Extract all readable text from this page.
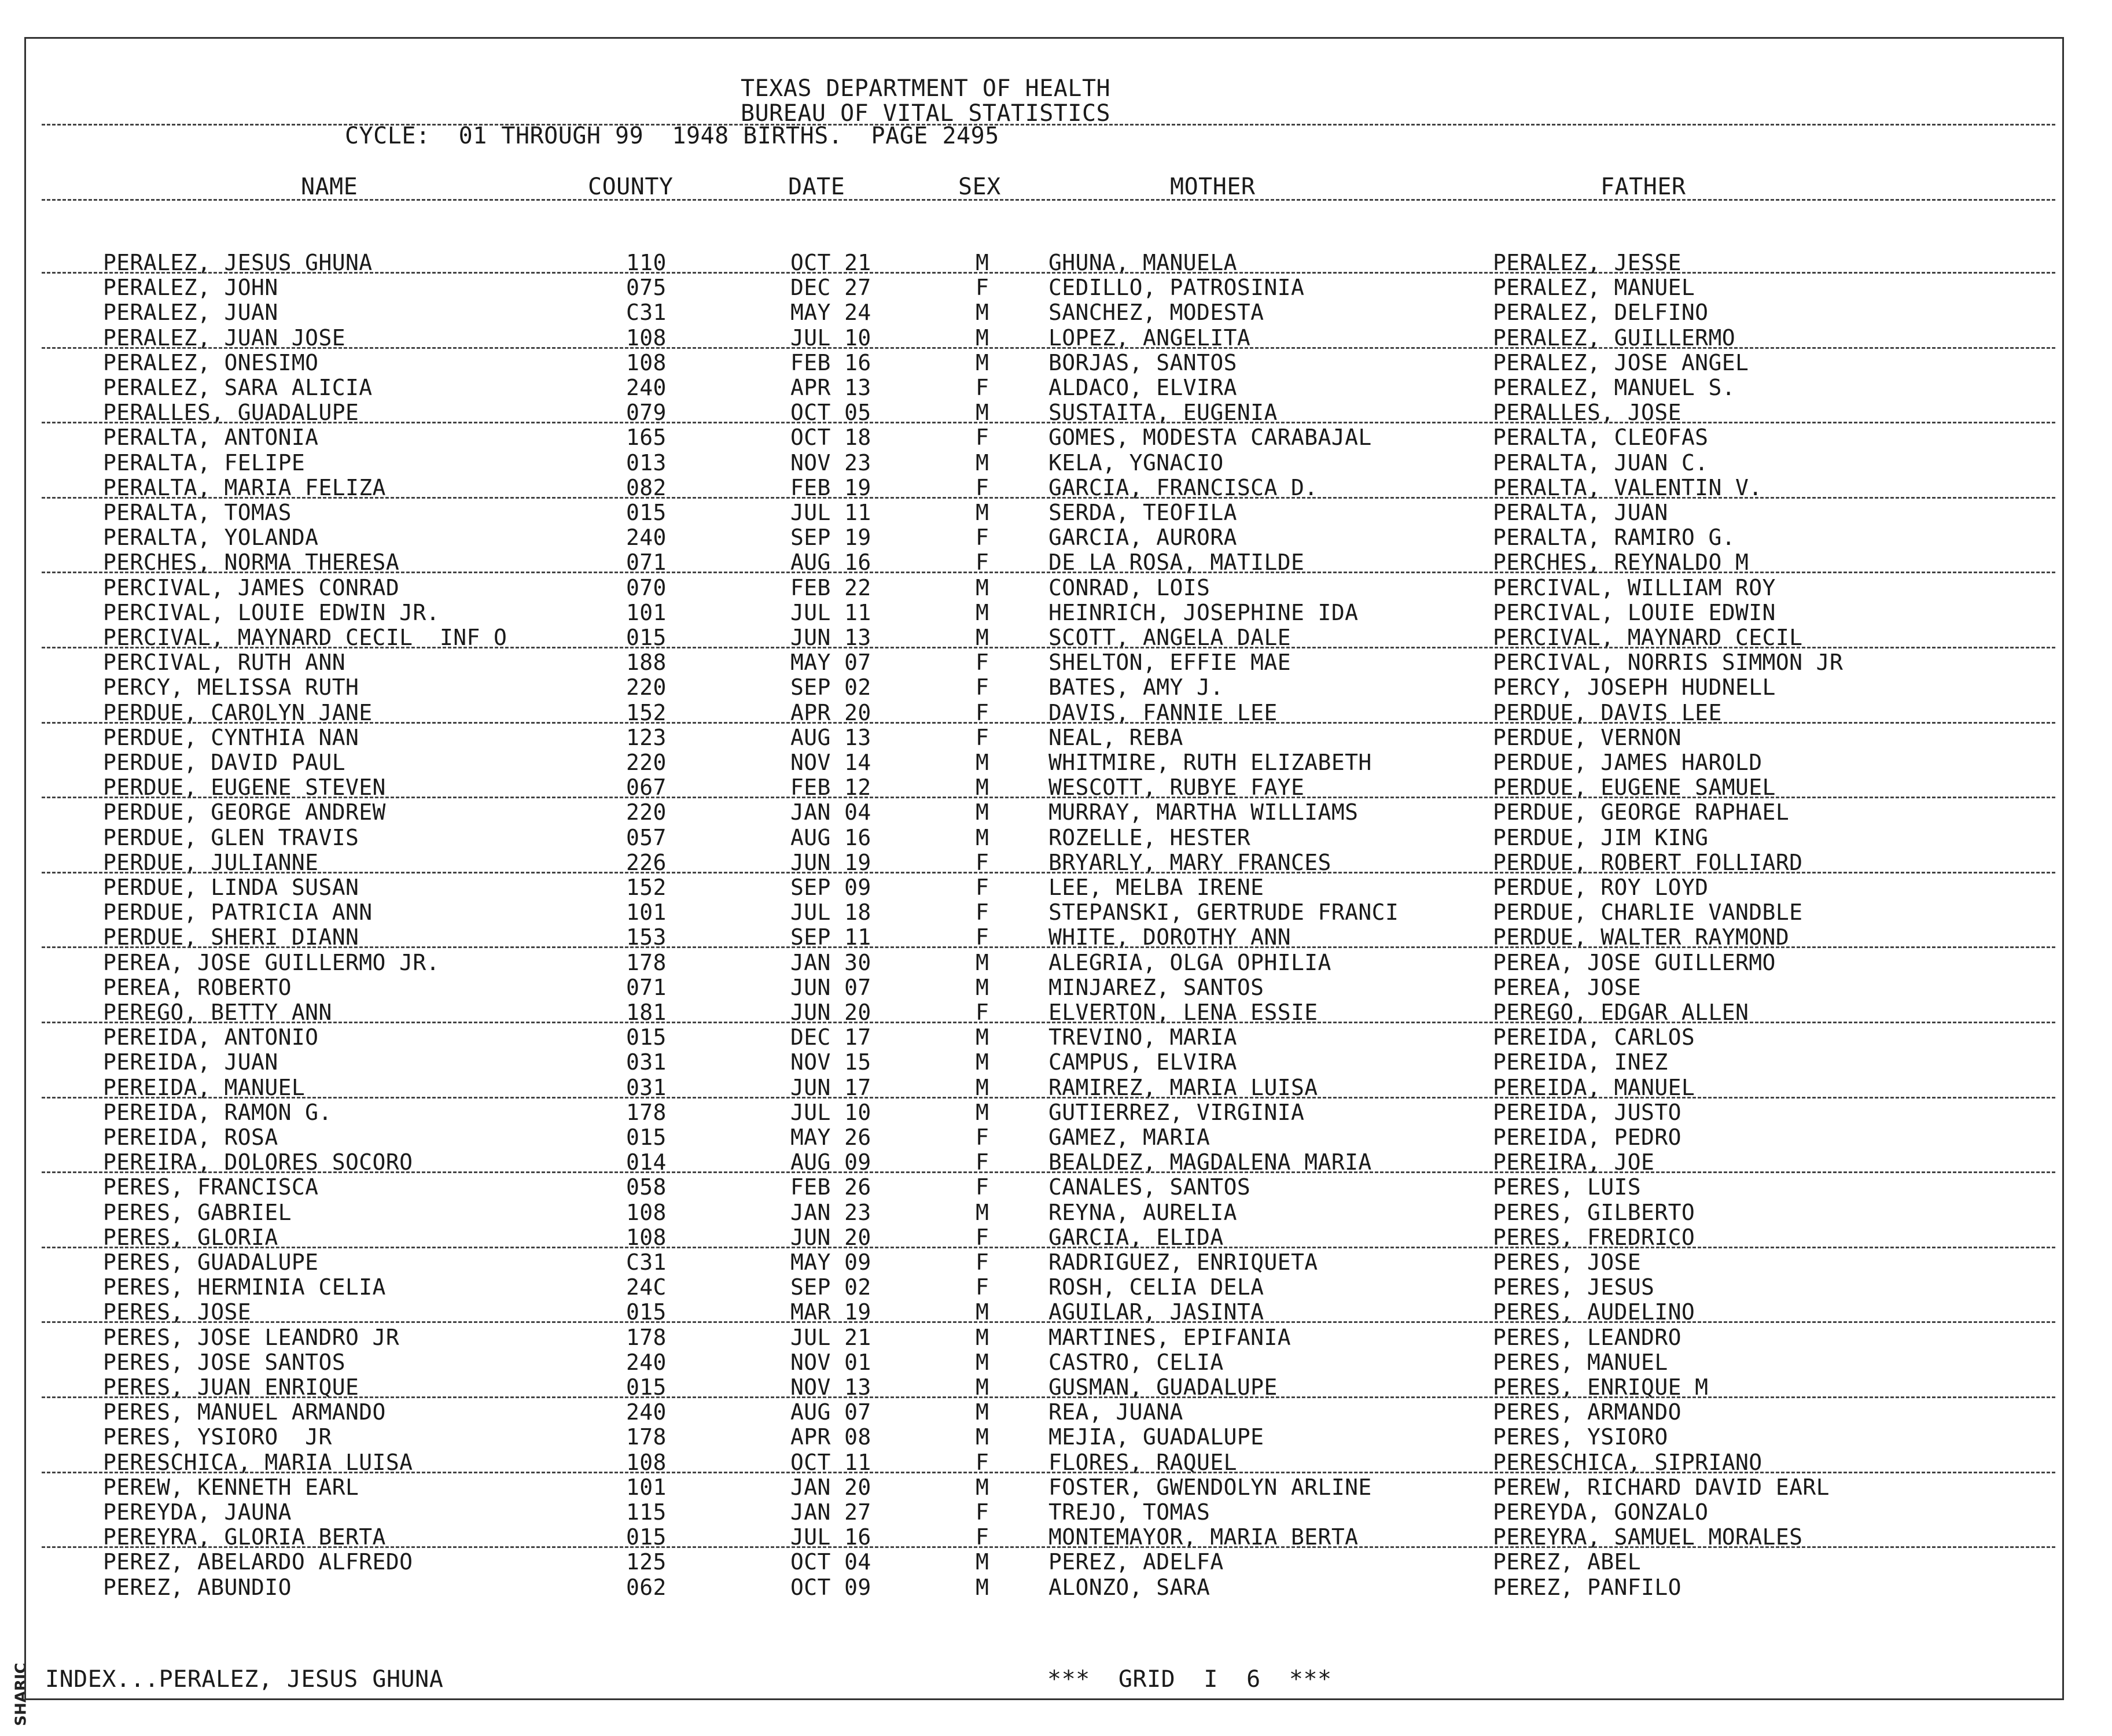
SHARIC
TEXAS DEPARTMENT OF HEALTH
BUREAU OF VITAL STATISTICS
CYCLE:  01 THROUGH 99  1948 BIRTHS.  PAGE 2495
NAME	COUNTY	DATE	SEX	MOTHER	FATHER
PERALEZ, JESUS GHUNA	110	OCT 21	M	GHUNA, MANUELA	PERALEZ, JESSE
PERALEZ, JOHN	075	DEC 27	F	CEDILLO, PATROSINIA	PERALEZ, MANUEL
PERALEZ, JUAN	C31	MAY 24	M	SANCHEZ, MODESTA	PERALEZ, DELFINO
PERALEZ, JUAN JOSE	108	JUL 10	M	LOPEZ, ANGELITA	PERALEZ, GUILLERMO
PERALEZ, ONESIMO	108	FEB 16	M	BORJAS, SANTOS	PERALEZ, JOSE ANGEL
PERALEZ, SARA ALICIA	240	APR 13	F	ALDACO, ELVIRA	PERALEZ, MANUEL S.
PERALLES, GUADALUPE	079	OCT 05	M	SUSTAITA, EUGENIA	PERALLES, JOSE
PERALTA, ANTONIA	165	OCT 18	F	GOMES, MODESTA CARABAJAL	PERALTA, CLEOFAS
PERALTA, FELIPE	013	NOV 23	M	KELA, YGNACIO	PERALTA, JUAN C.
PERALTA, MARIA FELIZA	082	FEB 19	F	GARCIA, FRANCISCA D.	PERALTA, VALENTIN V.
PERALTA, TOMAS	015	JUL 11	M	SERDA, TEOFILA	PERALTA, JUAN
PERALTA, YOLANDA	240	SEP 19	F	GARCIA, AURORA	PERALTA, RAMIRO G.
PERCHES, NORMA THERESA	071	AUG 16	F	DE LA ROSA, MATILDE	PERCHES, REYNALDO M
PERCIVAL, JAMES CONRAD	070	FEB 22	M	CONRAD, LOIS	PERCIVAL, WILLIAM ROY
PERCIVAL, LOUIE EDWIN JR.	101	JUL 11	M	HEINRICH, JOSEPHINE IDA	PERCIVAL, LOUIE EDWIN
PERCIVAL, MAYNARD CECIL  INF O	015	JUN 13	M	SCOTT, ANGELA DALE	PERCIVAL, MAYNARD CECIL
PERCIVAL, RUTH ANN	188	MAY 07	F	SHELTON, EFFIE MAE	PERCIVAL, NORRIS SIMMON JR
PERCY, MELISSA RUTH	220	SEP 02	F	BATES, AMY J.	PERCY, JOSEPH HUDNELL
PERDUE, CAROLYN JANE	152	APR 20	F	DAVIS, FANNIE LEE	PERDUE, DAVIS LEE
PERDUE, CYNTHIA NAN	123	AUG 13	F	NEAL, REBA	PERDUE, VERNON
PERDUE, DAVID PAUL	220	NOV 14	M	WHITMIRE, RUTH ELIZABETH	PERDUE, JAMES HAROLD
PERDUE, EUGENE STEVEN	067	FEB 12	M	WESCOTT, RUBYE FAYE	PERDUE, EUGENE SAMUEL
PERDUE, GEORGE ANDREW	220	JAN 04	M	MURRAY, MARTHA WILLIAMS	PERDUE, GEORGE RAPHAEL
PERDUE, GLEN TRAVIS	057	AUG 16	M	ROZELLE, HESTER	PERDUE, JIM KING
PERDUE, JULIANNE	226	JUN 19	F	BRYARLY, MARY FRANCES	PERDUE, ROBERT FOLLIARD
PERDUE, LINDA SUSAN	152	SEP 09	F	LEE, MELBA IRENE	PERDUE, ROY LOYD
PERDUE, PATRICIA ANN	101	JUL 18	F	STEPANSKI, GERTRUDE FRANCI	PERDUE, CHARLIE VANDBLE
PERDUE, SHERI DIANN	153	SEP 11	F	WHITE, DOROTHY ANN	PERDUE, WALTER RAYMOND
PEREA, JOSE GUILLERMO JR.	178	JAN 30	M	ALEGRIA, OLGA OPHILIA	PEREA, JOSE GUILLERMO
PEREA, ROBERTO	071	JUN 07	M	MINJAREZ, SANTOS	PEREA, JOSE
PEREGO, BETTY ANN	181	JUN 20	F	ELVERTON, LENA ESSIE	PEREGO, EDGAR ALLEN
PEREIDA, ANTONIO	015	DEC 17	M	TREVINO, MARIA	PEREIDA, CARLOS
PEREIDA, JUAN	031	NOV 15	M	CAMPUS, ELVIRA	PEREIDA, INEZ
PEREIDA, MANUEL	031	JUN 17	M	RAMIREZ, MARIA LUISA	PEREIDA, MANUEL
PEREIDA, RAMON G.	178	JUL 10	M	GUTIERREZ, VIRGINIA	PEREIDA, JUSTO
PEREIDA, ROSA	015	MAY 26	F	GAMEZ, MARIA	PEREIDA, PEDRO
PEREIRA, DOLORES SOCORO	014	AUG 09	F	BEALDEZ, MAGDALENA MARIA	PEREIRA, JOE
PERES, FRANCISCA	058	FEB 26	F	CANALES, SANTOS	PERES, LUIS
PERES, GABRIEL	108	JAN 23	M	REYNA, AURELIA	PERES, GILBERTO
PERES, GLORIA	108	JUN 20	F	GARCIA, ELIDA	PERES, FREDRICO
PERES, GUADALUPE	C31	MAY 09	F	RADRIGUEZ, ENRIQUETA	PERES, JOSE
PERES, HERMINIA CELIA	24C	SEP 02	F	ROSH, CELIA DELA	PERES, JESUS
PERES, JOSE	015	MAR 19	M	AGUILAR, JASINTA	PERES, AUDELINO
PERES, JOSE LEANDRO JR	178	JUL 21	M	MARTINES, EPIFANIA	PERES, LEANDRO
PERES, JOSE SANTOS	240	NOV 01	M	CASTRO, CELIA	PERES, MANUEL
PERES, JUAN ENRIQUE	015	NOV 13	M	GUSMAN, GUADALUPE	PERES, ENRIQUE M
PERES, MANUEL ARMANDO	240	AUG 07	M	REA, JUANA	PERES, ARMANDO
PERES, YSIORO  JR	178	APR 08	M	MEJIA, GUADALUPE	PERES, YSIORO
PERESCHICA, MARIA LUISA	108	OCT 11	F	FLORES, RAQUEL	PERESCHICA, SIPRIANO
PEREW, KENNETH EARL	101	JAN 20	M	FOSTER, GWENDOLYN ARLINE	PEREW, RICHARD DAVID EARL
PEREYDA, JAUNA	115	JAN 27	F	TREJO, TOMAS	PEREYDA, GONZALO
PEREYRA, GLORIA BERTA	015	JUL 16	F	MONTEMAYOR, MARIA BERTA	PEREYRA, SAMUEL MORALES
PEREZ, ABELARDO ALFREDO	125	OCT 04	M	PEREZ, ADELFA	PEREZ, ABEL
PEREZ, ABUNDIO	062	OCT 09	M	ALONZO, SARA	PEREZ, PANFILO
INDEX...PERALEZ, JESUS GHUNA	***  GRID  I  6  ***
